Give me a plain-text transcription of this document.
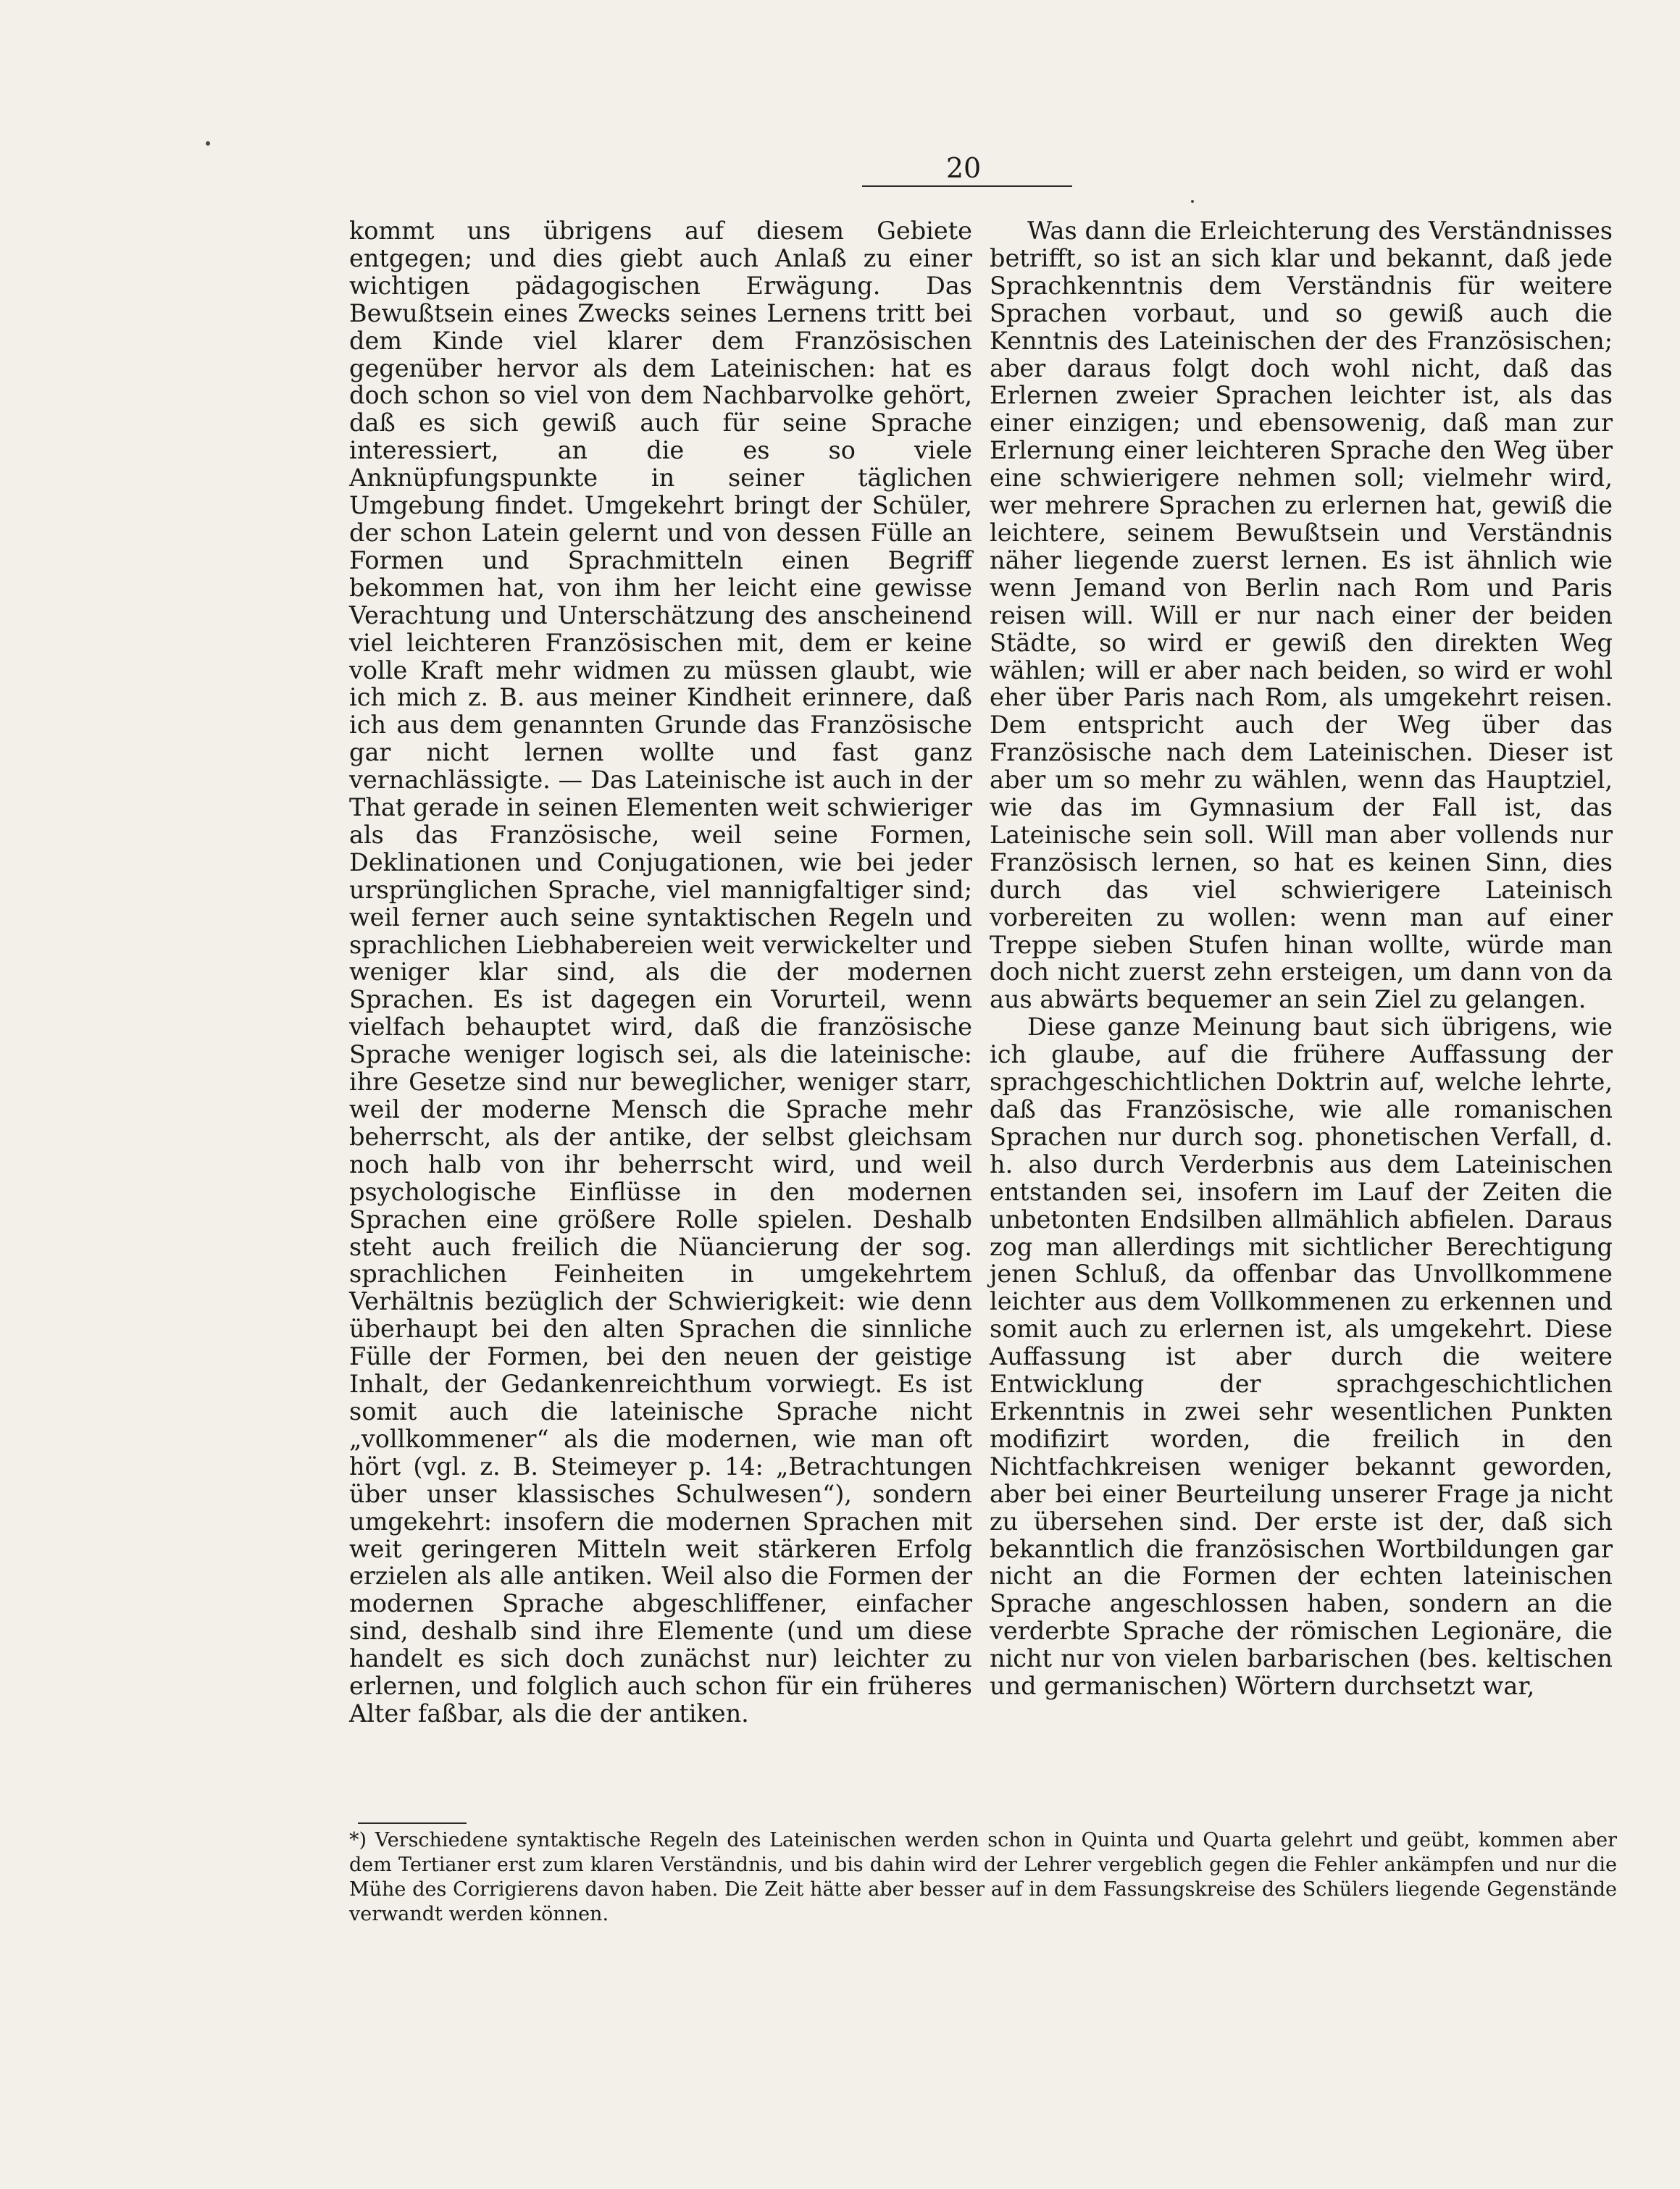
20

kommt uns übrigens auf diesem Gebiete entgegen; und dies giebt auch Anlaß zu einer wichtigen pädagogischen Erwägung. Das Bewußtsein eines Zwecks seines Lernens tritt bei dem Kinde viel klarer dem Französischen gegenüber hervor als dem Lateinischen: hat es doch schon so viel von dem Nachbarvolke gehört, daß es sich gewiß auch für seine Sprache interessiert, an die es so viele Anknüpfungspunkte in seiner täglichen Umgebung findet. Umgekehrt bringt der Schüler, der schon Latein gelernt und von dessen Fülle an Formen und Sprachmitteln einen Begriff bekommen hat, von ihm her leicht eine gewisse Verachtung und Unterschätzung des anscheinend viel leichteren Französischen mit, dem er keine volle Kraft mehr widmen zu müssen glaubt, wie ich mich z. B. aus meiner Kindheit erinnere, daß ich aus dem genannten Grunde das Französische gar nicht lernen wollte und fast ganz vernachlässigte. — Das Lateinische ist auch in der That gerade in seinen Elementen weit schwieriger als das Französische, weil seine Formen, Deklinationen und Conjugationen, wie bei jeder ursprünglichen Sprache, viel mannigfaltiger sind; weil ferner auch seine syntaktischen Regeln und sprachlichen Liebhabereien weit verwickelter und weniger klar sind, als die der modernen Sprachen. Es ist dagegen ein Vorurteil, wenn vielfach behauptet wird, daß die französische Sprache weniger logisch sei, als die lateinische: ihre Gesetze sind nur beweglicher, weniger starr, weil der moderne Mensch die Sprache mehr beherrscht, als der antike, der selbst gleichsam noch halb von ihr beherrscht wird, und weil psychologische Einflüsse in den modernen Sprachen eine größere Rolle spielen. Deshalb steht auch freilich die Nüancierung der sog. sprachlichen Feinheiten in umgekehrtem Verhältnis bezüglich der Schwierigkeit: wie denn überhaupt bei den alten Sprachen die sinnliche Fülle der Formen, bei den neuen der geistige Inhalt, der Gedankenreichthum vorwiegt. Es ist somit auch die lateinische Sprache nicht „vollkommener“ als die modernen, wie man oft hört (vgl. z. B. Steimeyer p. 14: „Betrachtungen über unser klassisches Schulwesen“), sondern umgekehrt: insofern die modernen Sprachen mit weit geringeren Mitteln weit stärkeren Erfolg erzielen als alle antiken. Weil also die Formen der modernen Sprache abgeschliffener, einfacher sind, deshalb sind ihre Elemente (und um diese handelt es sich doch zunächst nur) leichter zu erlernen, und folglich auch schon für ein früheres Alter faßbar, als die der antiken.

Was dann die Erleichterung des Verständnisses betrifft, so ist an sich klar und bekannt, daß jede Sprachkenntnis dem Verständnis für weitere Sprachen vorbaut, und so gewiß auch die Kenntnis des Lateinischen der des Französischen; aber daraus folgt doch wohl nicht, daß das Erlernen zweier Sprachen leichter ist, als das einer einzigen; und ebensowenig, daß man zur Erlernung einer leichteren Sprache den Weg über eine schwierigere nehmen soll; vielmehr wird, wer mehrere Sprachen zu erlernen hat, gewiß die leichtere, seinem Bewußtsein und Verständnis näher liegende zuerst lernen. Es ist ähnlich wie wenn Jemand von Berlin nach Rom und Paris reisen will. Will er nur nach einer der beiden Städte, so wird er gewiß den direkten Weg wählen; will er aber nach beiden, so wird er wohl eher über Paris nach Rom, als umgekehrt reisen. Dem entspricht auch der Weg über das Französische nach dem Lateinischen. Dieser ist aber um so mehr zu wählen, wenn das Hauptziel, wie das im Gymnasium der Fall ist, das Lateinische sein soll. Will man aber vollends nur Französisch lernen, so hat es keinen Sinn, dies durch das viel schwierigere Lateinisch vorbereiten zu wollen: wenn man auf einer Treppe sieben Stufen hinan wollte, würde man doch nicht zuerst zehn ersteigen, um dann von da aus abwärts bequemer an sein Ziel zu gelangen.

Diese ganze Meinung baut sich übrigens, wie ich glaube, auf die frühere Auffassung der sprachgeschichtlichen Doktrin auf, welche lehrte, daß das Französische, wie alle romanischen Sprachen nur durch sog. phonetischen Verfall, d. h. also durch Verderbnis aus dem Lateinischen entstanden sei, insofern im Lauf der Zeiten die unbetonten Endsilben allmählich abfielen. Daraus zog man allerdings mit sichtlicher Berechtigung jenen Schluß, da offenbar das Unvollkommene leichter aus dem Vollkommenen zu erkennen und somit auch zu erlernen ist, als umgekehrt. Diese Auffassung ist aber durch die weitere Entwicklung der sprachgeschichtlichen Erkenntnis in zwei sehr wesentlichen Punkten modifizirt worden, die freilich in den Nichtfachkreisen weniger bekannt geworden, aber bei einer Beurteilung unserer Frage ja nicht zu übersehen sind. Der erste ist der, daß sich bekanntlich die französischen Wortbildungen gar nicht an die Formen der echten lateinischen Sprache angeschlossen haben, sondern an die verderbte Sprache der römischen Legionäre, die nicht nur von vielen barbarischen (bes. keltischen und germanischen) Wörtern durchsetzt war,

*) Verschiedene syntaktische Regeln des Lateinischen werden schon in Quinta und Quarta gelehrt und geübt, kommen aber dem Tertianer erst zum klaren Verständnis, und bis dahin wird der Lehrer vergeblich gegen die Fehler ankämpfen und nur die Mühe des Corrigierens davon haben. Die Zeit hätte aber besser auf in dem Fassungskreise des Schülers liegende Gegenstände verwandt werden können.
